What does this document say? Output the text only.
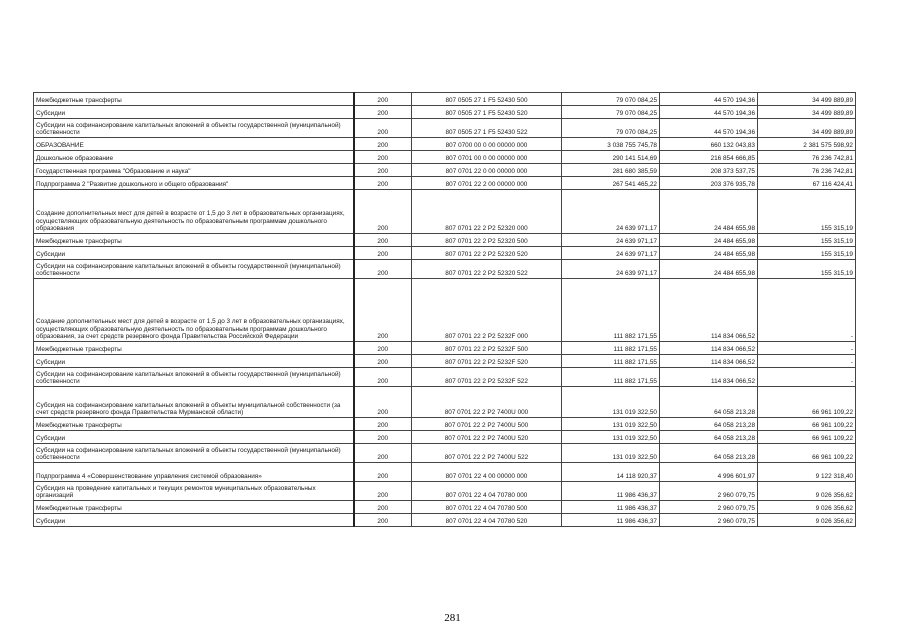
Межбюджетные трансферты	200	807 0505 27 1 F5 52430 500	79 070 084,25	44 570 194,36	34 499 889,89
Субсидии	200	807 0505 27 1 F5 52430 520	79 070 084,25	44 570 194,36	34 499 889,89
Субсидии на софинансирование капитальных вложений в объекты государственной (муниципальной) собственности	200	807 0505 27 1 F5 52430 522	79 070 084,25	44 570 194,36	34 499 889,89
ОБРАЗОВАНИЕ	200	807 0700 00 0 00 00000 000	3 038 755 745,78	660 132 043,83	2 381 575 598,92
Дошкольное образование	200	807 0701 00 0 00 00000 000	290 141 514,69	216 854 666,85	76 236 742,81
Государственная программа "Образование и наука"	200	807 0701 22 0 00 00000 000	281 680 385,59	208 373 537,75	76 236 742,81
Подпрограмма 2 "Развитие дошкольного и общего образования"	200	807 0701 22 2 00 00000 000	267 541 465,22	203 376 935,78	67 116 424,41
Создание дополнительных мест для детей в возрасте от 1,5 до 3 лет в образовательных организациях, осуществляющих образовательную деятельность по образовательным программам дошкольного образования	200	807 0701 22 2 P2 52320 000	24 639 971,17	24 484 655,98	155 315,19
Межбюджетные трансферты	200	807 0701 22 2 P2 52320 500	24 639 971,17	24 484 655,98	155 315,19
Субсидии	200	807 0701 22 2 P2 52320 520	24 639 971,17	24 484 655,98	155 315,19
Субсидии на софинансирование капитальных вложений в объекты государственной (муниципальной) собственности	200	807 0701 22 2 P2 52320 522	24 639 971,17	24 484 655,98	155 315,19
Создание дополнительных мест для детей в возрасте от 1,5 до 3 лет в образовательных организациях, осуществляющих образовательную деятельность по образовательным программам дошкольного образования, за счет средств резервного фонда Правительства Российской Федерации	200	807 0701 22 2 P2 5232F 000	111 882 171,55	114 834 066,52	-
Межбюджетные трансферты	200	807 0701 22 2 P2 5232F 500	111 882 171,55	114 834 066,52	-
Субсидии	200	807 0701 22 2 P2 5232F 520	111 882 171,55	114 834 066,52	-
Субсидии на софинансирование капитальных вложений в объекты государственной (муниципальной) собственности	200	807 0701 22 2 P2 5232F 522	111 882 171,55	114 834 066,52	-
Субсидия на софинансирование капитальных вложений в объекты муниципальной собственности (за счет средств резервного фонда Правительства Мурманской области)	200	807 0701 22 2 P2 7400U 000	131 019 322,50	64 058 213,28	66 961 109,22
Межбюджетные трансферты	200	807 0701 22 2 P2 7400U 500	131 019 322,50	64 058 213,28	66 961 109,22
Субсидии	200	807 0701 22 2 P2 7400U 520	131 019 322,50	64 058 213,28	66 961 109,22
Субсидии на софинансирование капитальных вложений в объекты государственной (муниципальной) собственности	200	807 0701 22 2 P2 7400U 522	131 019 322,50	64 058 213,28	66 961 109,22
Подпрограмма 4 «Совершенствование управления системой образования»	200	807 0701 22 4 00 00000 000	14 118 920,37	4 996 601,97	9 122 318,40
Субсидия на проведение капитальных и текущих ремонтов муниципальных образовательных организаций	200	807 0701 22 4 04 70780 000	11 986 436,37	2 960 079,75	9 026 356,62
Межбюджетные трансферты	200	807 0701 22 4 04 70780 500	11 986 436,37	2 960 079,75	9 026 356,62
Субсидии	200	807 0701 22 4 04 70780 520	11 986 436,37	2 960 079,75	9 026 356,62
281
